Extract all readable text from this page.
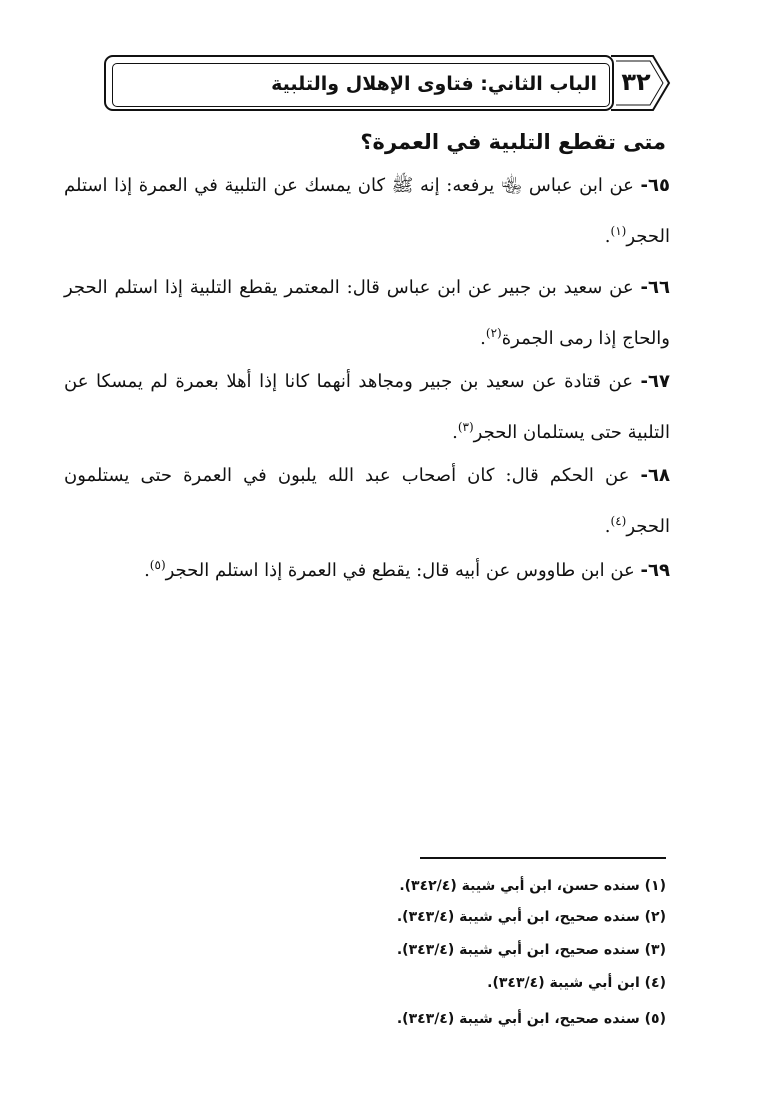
الباب الثاني: فتاوى الإهلال والتلبية	٣٢
متى تقطع التلبية في العمرة؟
٦٥- عن ابن عباس ﵄ يرفعه: إنه ﷺ كان يمسك عن التلبية في العمرة إذا استلم الحجر$^{(١)}$.
٦٦- عن سعيد بن جبير عن ابن عباس قال: المعتمر يقطع التلبية إذا استلم الحجر والحاج إذا رمى الجمرة$^{(٢)}$.
٦٧- عن قتادة عن سعيد بن جبير ومجاهد أنهما كانا إذا أهلا بعمرة لم يمسكا عن التلبية حتى يستلمان الحجر$^{(٣)}$.
٦٨- عن الحكم قال: كان أصحاب عبد الله يلبون في العمرة حتى يستلمون الحجر$^{(٤)}$.
٦٩- عن ابن طاووس عن أبيه قال: يقطع في العمرة إذا استلم الحجر$^{(٥)}$.
(١) سنده حسن، ابن أبي شيبة (٣٤٢/٤).
(٢) سنده صحيح، ابن أبي شيبة (٣٤٣/٤).
(٣) سنده صحيح، ابن أبي شيبة (٣٤٣/٤).
(٤) ابن أبي شيبة (٣٤٣/٤).
(٥) سنده صحيح، ابن أبي شيبة (٣٤٣/٤).
